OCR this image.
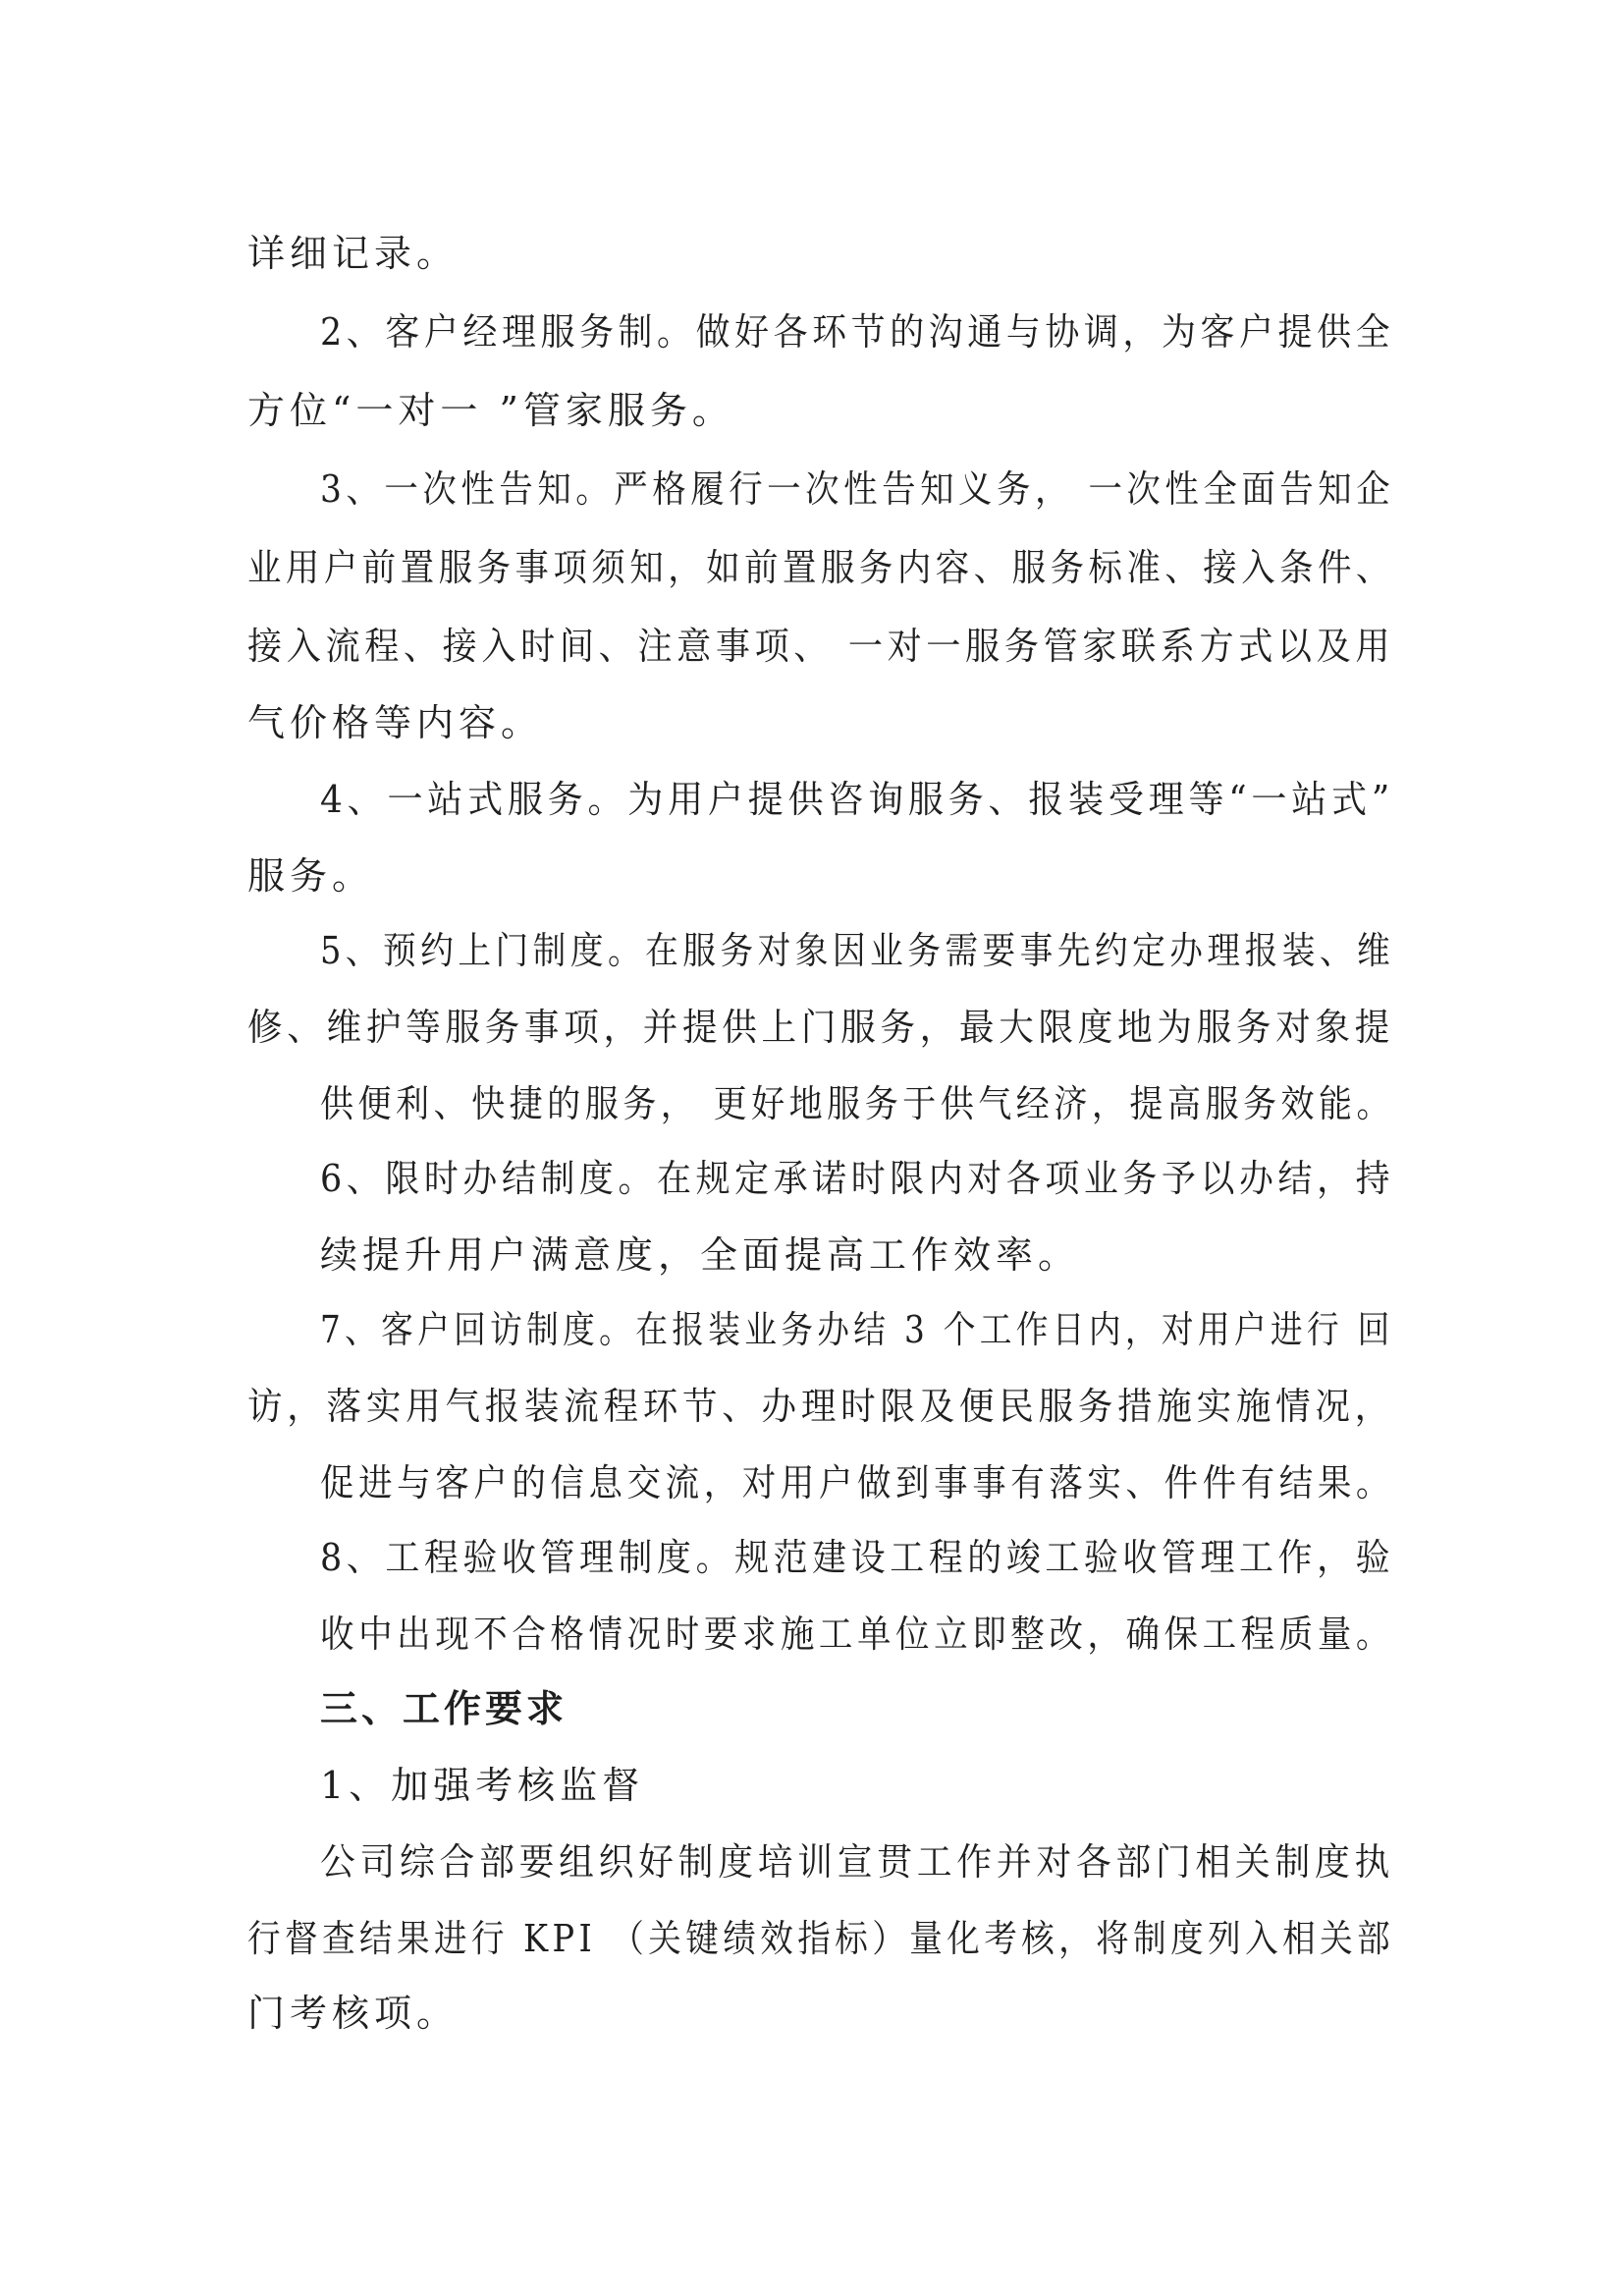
详细记录。
2、客户经理服务制。做好各环节的沟通与协调，为客户提供全
方位“一对一 ”管家服务。
3、一次性告知。严格履行一次性告知义务， 一次性全面告知企
业用户前置服务事项须知，如前置服务内容、服务标准、接入条件、
接入流程、接入时间、注意事项、 一对一服务管家联系方式以及用
气价格等内容。
4、一站式服务。为用户提供咨询服务、报装受理等“一站式”
服务。
5、预约上门制度。在服务对象因业务需要事先约定办理报装、维
修、维护等服务事项，并提供上门服务，最大限度地为服务对象提
供便利、快捷的服务， 更好地服务于供气经济，提高服务效能。
6、限时办结制度。在规定承诺时限内对各项业务予以办结，持
续提升用户满意度，全面提高工作效率。
7、客户回访制度。在报装业务办结 3 个工作日内，对用户进行 回
访，落实用气报装流程环节、办理时限及便民服务措施实施情况，
促进与客户的信息交流，对用户做到事事有落实、件件有结果。
8、工程验收管理制度。规范建设工程的竣工验收管理工作，验
收中出现不合格情况时要求施工单位立即整改，确保工程质量。
三、工作要求
1、加强考核监督
公司综合部要组织好制度培训宣贯工作并对各部门相关制度执
行督查结果进行 KPI （关键绩效指标）量化考核，将制度列入相关部
门考核项。
